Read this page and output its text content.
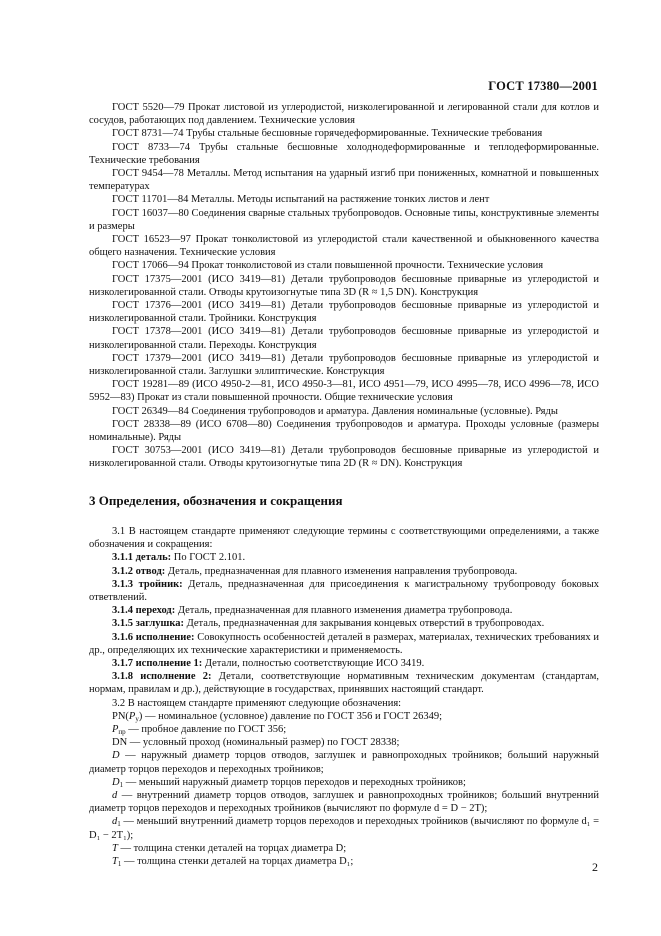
ГОСТ 17380—2001

ГОСТ 5520—79 Прокат листовой из углеродистой, низколегированной и легированной стали для котлов и сосудов, работающих под давлением. Технические условия

ГОСТ 8731—74 Трубы стальные бесшовные горячедеформированные. Технические требования

ГОСТ 8733—74 Трубы стальные бесшовные холоднодеформированные и теплодеформированные. Технические требования

ГОСТ 9454—78 Металлы. Метод испытания на ударный изгиб при пониженных, комнатной и повышенных температурах

ГОСТ 11701—84 Металлы. Методы испытаний на растяжение тонких листов и лент

ГОСТ 16037—80 Соединения сварные стальных трубопроводов. Основные типы, конструктивные элементы и размеры

ГОСТ 16523—97 Прокат тонколистовой из углеродистой стали качественной и обыкновенного качества общего назначения. Технические условия

ГОСТ 17066—94 Прокат тонколистовой из стали повышенной прочности. Технические условия

ГОСТ 17375—2001 (ИСО 3419—81) Детали трубопроводов бесшовные приварные из углеродистой и низколегированной стали. Отводы крутоизогнутые типа 3D (R ≈ 1,5 DN). Конструкция

ГОСТ 17376—2001 (ИСО 3419—81) Детали трубопроводов бесшовные приварные из углеродистой и низколегированной стали. Тройники. Конструкция

ГОСТ 17378—2001 (ИСО 3419—81) Детали трубопроводов бесшовные приварные из углеродистой и низколегированной стали. Переходы. Конструкция

ГОСТ 17379—2001 (ИСО 3419—81) Детали трубопроводов бесшовные приварные из углеродистой и низколегированной стали. Заглушки эллиптические. Конструкция

ГОСТ 19281—89 (ИСО 4950-2—81, ИСО 4950-3—81, ИСО 4951—79, ИСО 4995—78, ИСО 4996—78, ИСО 5952—83) Прокат из стали повышенной прочности. Общие технические условия

ГОСТ 26349—84 Соединения трубопроводов и арматура. Давления номинальные (условные). Ряды

ГОСТ 28338—89 (ИСО 6708—80) Соединения трубопроводов и арматура. Проходы условные (размеры номинальные). Ряды

ГОСТ 30753—2001 (ИСО 3419—81) Детали трубопроводов бесшовные приварные из углеродистой и низколегированной стали. Отводы крутоизогнутые типа 2D (R ≈ DN). Конструкция

3 Определения, обозначения и сокращения

3.1 В настоящем стандарте применяют следующие термины с соответствующими определениями, а также обозначения и сокращения:

3.1.1 деталь: По ГОСТ 2.101.

3.1.2 отвод: Деталь, предназначенная для плавного изменения направления трубопровода.

3.1.3 тройник: Деталь, предназначенная для присоединения к магистральному трубопроводу боковых ответвлений.

3.1.4 переход: Деталь, предназначенная для плавного изменения диаметра трубопровода.

3.1.5 заглушка: Деталь, предназначенная для закрывания концевых отверстий в трубопроводах.

3.1.6 исполнение: Совокупность особенностей деталей в размерах, материалах, технических требованиях и др., определяющих их технические характеристики и применяемость.

3.1.7 исполнение 1: Детали, полностью соответствующие ИСО 3419.

3.1.8 исполнение 2: Детали, соответствующие нормативным техническим документам (стандартам, нормам, правилам и др.), действующие в государствах, принявших настоящий стандарт.

3.2 В настоящем стандарте применяют следующие обозначения:

$PN(P_у)$ — номинальное (условное) давление по ГОСТ 356 и ГОСТ 26349;

$P_{пр}$ — пробное давление по ГОСТ 356;

DN — условный проход (номинальный размер) по ГОСТ 28338;

D — наружный диаметр торцов отводов, заглушек и равнопроходных тройников; больший наружный диаметр торцов переходов и переходных тройников;

$D_1$ — меньший наружный диаметр торцов переходов и переходных тройников;

d — внутренний диаметр торцов отводов, заглушек и равнопроходных тройников; больший внутренний диаметр торцов переходов и переходных тройников (вычисляют по формуле d = D − 2T);

$d_1$ — меньший внутренний диаметр торцов переходов и переходных тройников (вычисляют по формуле d₁ = D₁ − 2T₁);

T — толщина стенки деталей на торцах диаметра D;

$T_1$ — толщина стенки деталей на торцах диаметра D₁;	2
